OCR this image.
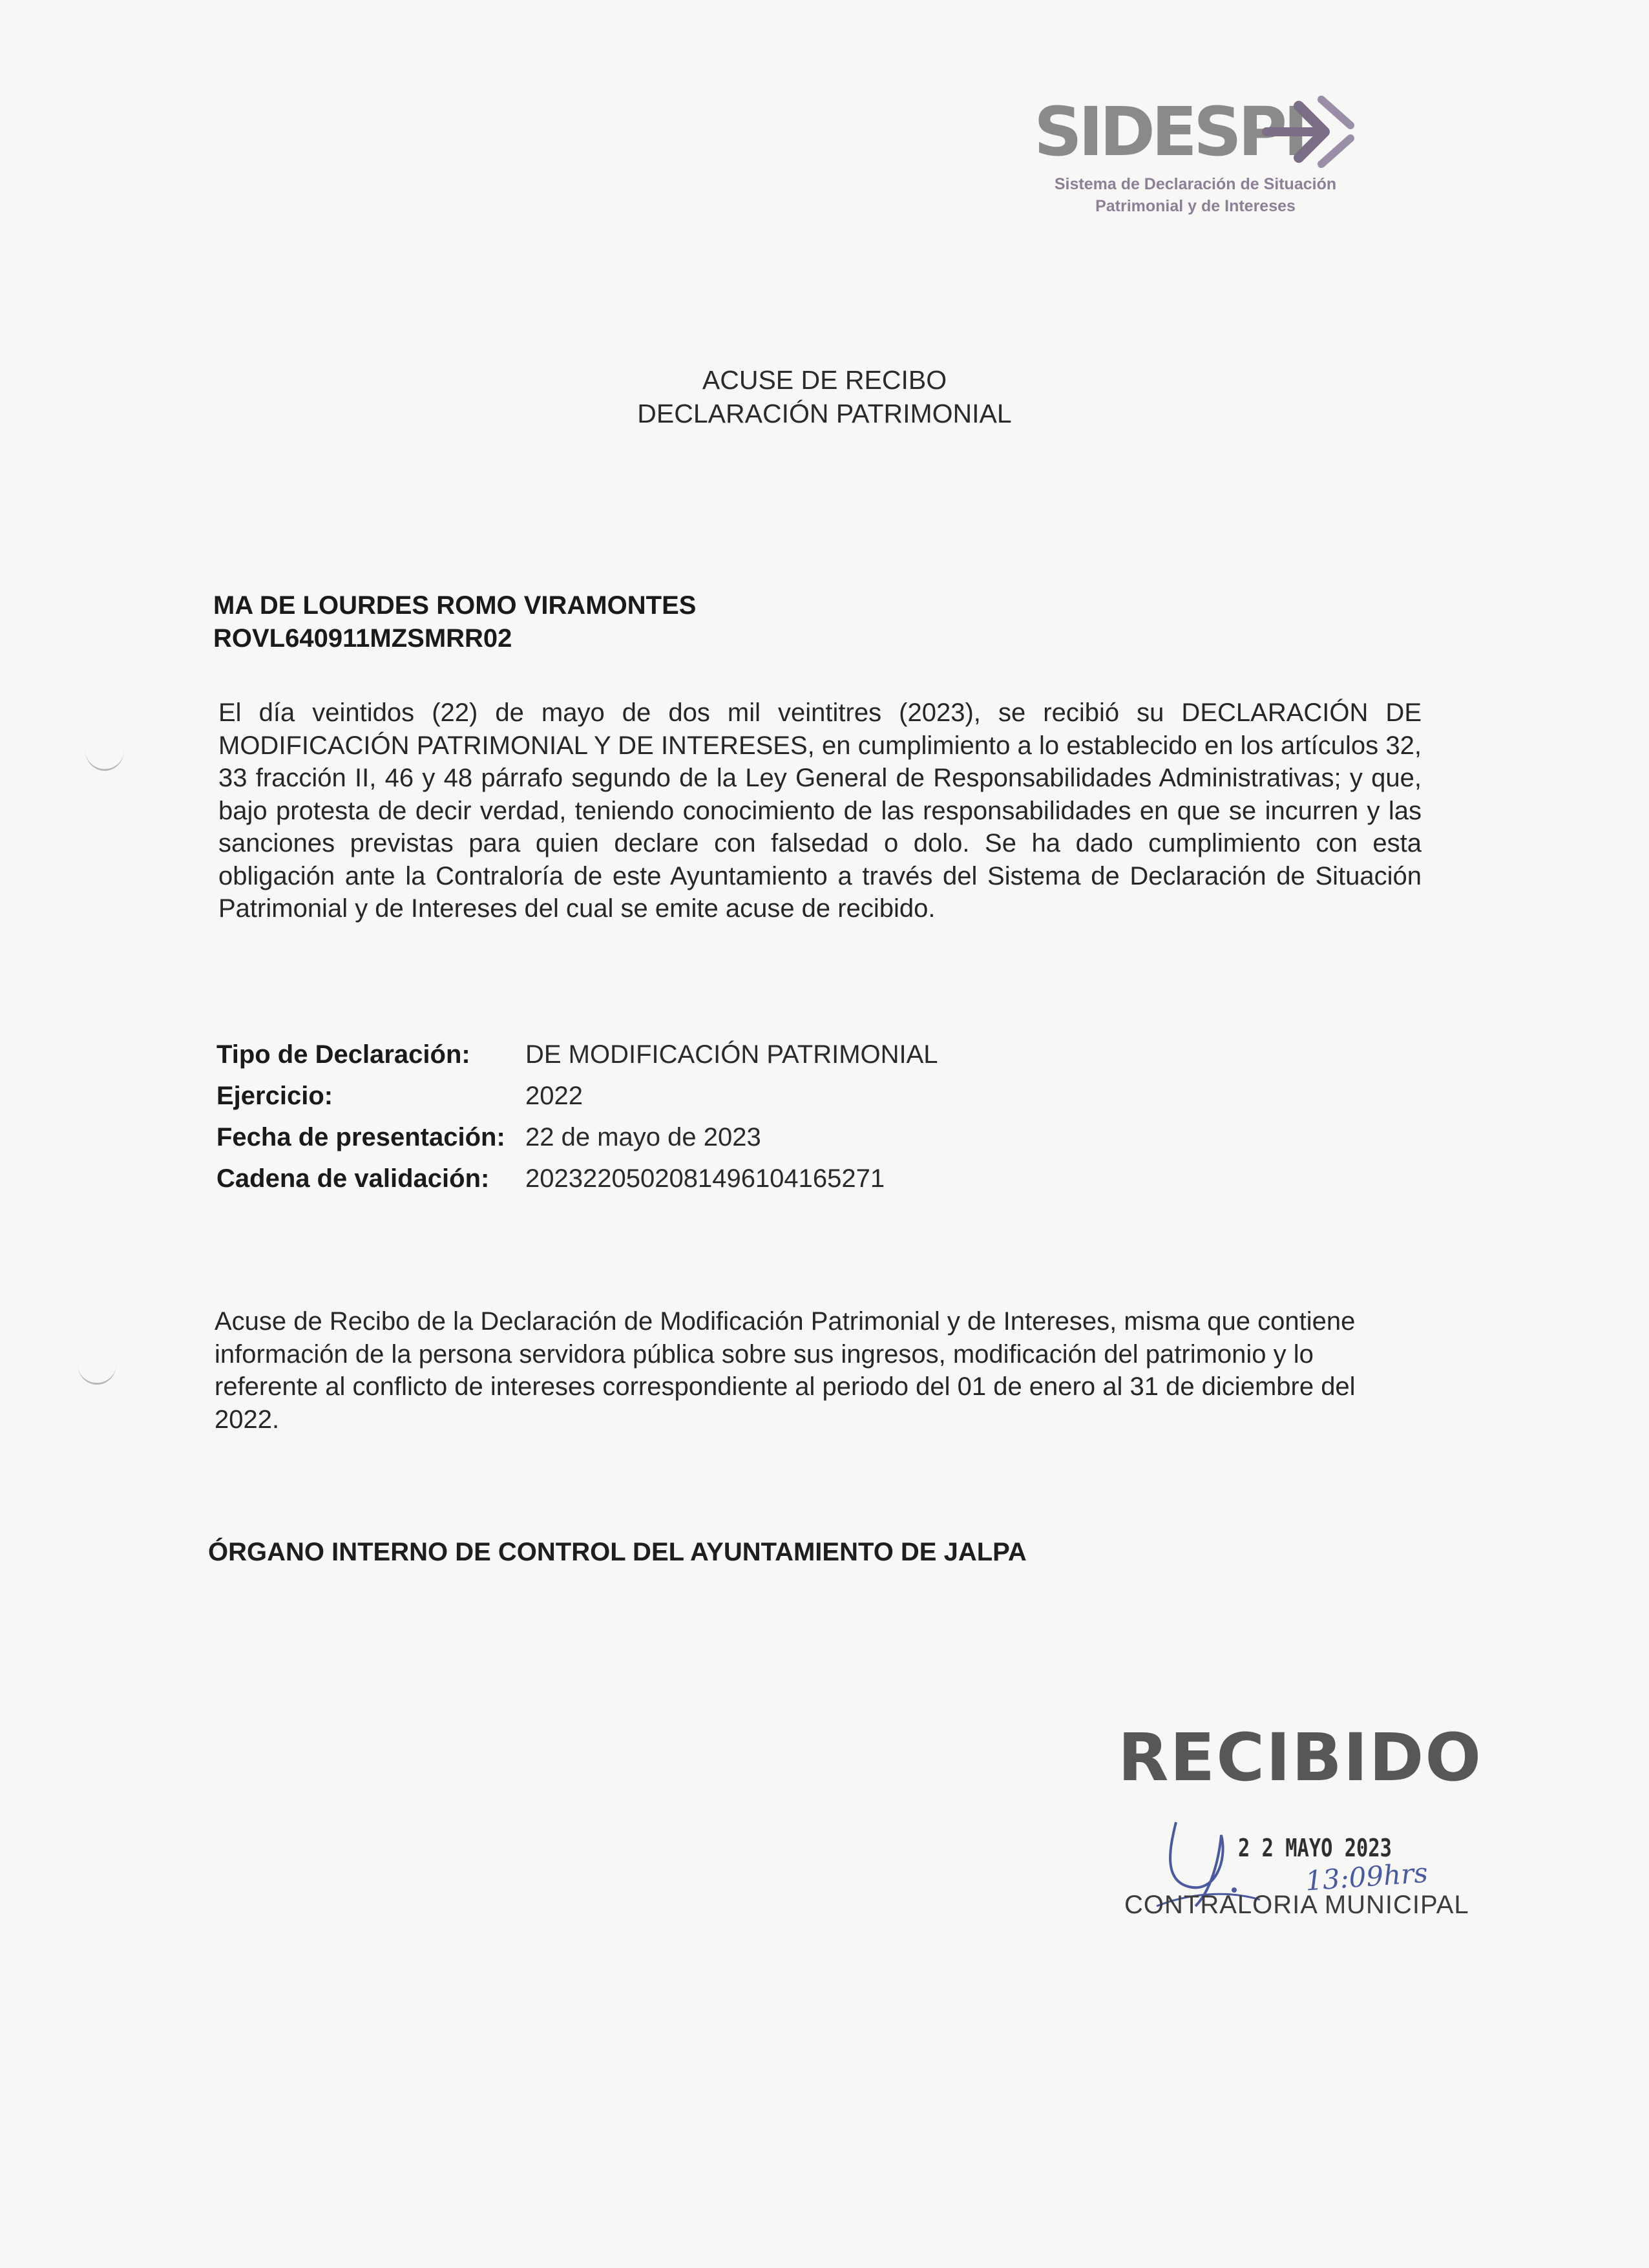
SIDESPI
Sistema de Declaración de Situación
Patrimonial y de Intereses
ACUSE DE RECIBO
DECLARACIÓN PATRIMONIAL
MA DE LOURDES ROMO VIRAMONTES
ROVL640911MZSMRR02
El día veintidos (22) de mayo de dos mil veintitres (2023), se recibió su DECLARACIÓN DE MODIFICACIÓN PATRIMONIAL Y DE INTERESES, en cumplimiento a lo establecido en los artículos 32, 33 fracción II, 46 y 48 párrafo segundo de la Ley General de Responsabilidades Administrativas; y que, bajo protesta de decir verdad, teniendo conocimiento de las responsabilidades en que se incurren y las sanciones previstas para quien declare con falsedad o dolo. Se ha dado cumplimiento con esta obligación ante la Contraloría de este Ayuntamiento a través del Sistema de Declaración de Situación Patrimonial y de Intereses del cual se emite acuse de recibido.
Tipo de Declaración:	DE MODIFICACIÓN PATRIMONIAL
Ejercicio:	2022
Fecha de presentación: 22 de mayo de 2023
Cadena de validación:	20232205020814961041652‌71
Acuse de Recibo de la Declaración de Modificación Patrimonial y de Intereses, misma que contiene información de la persona servidora pública sobre sus ingresos, modificación del patrimonio y lo referente al conflicto de intereses correspondiente al periodo del 01 de enero al 31 de diciembre del 2022.
ÓRGANO INTERNO DE CONTROL DEL AYUNTAMIENTO DE JALPA
RECIBIDO
2 2 MAYO 2023
13:09hrs
CONTRALORIA MUNICIPAL
